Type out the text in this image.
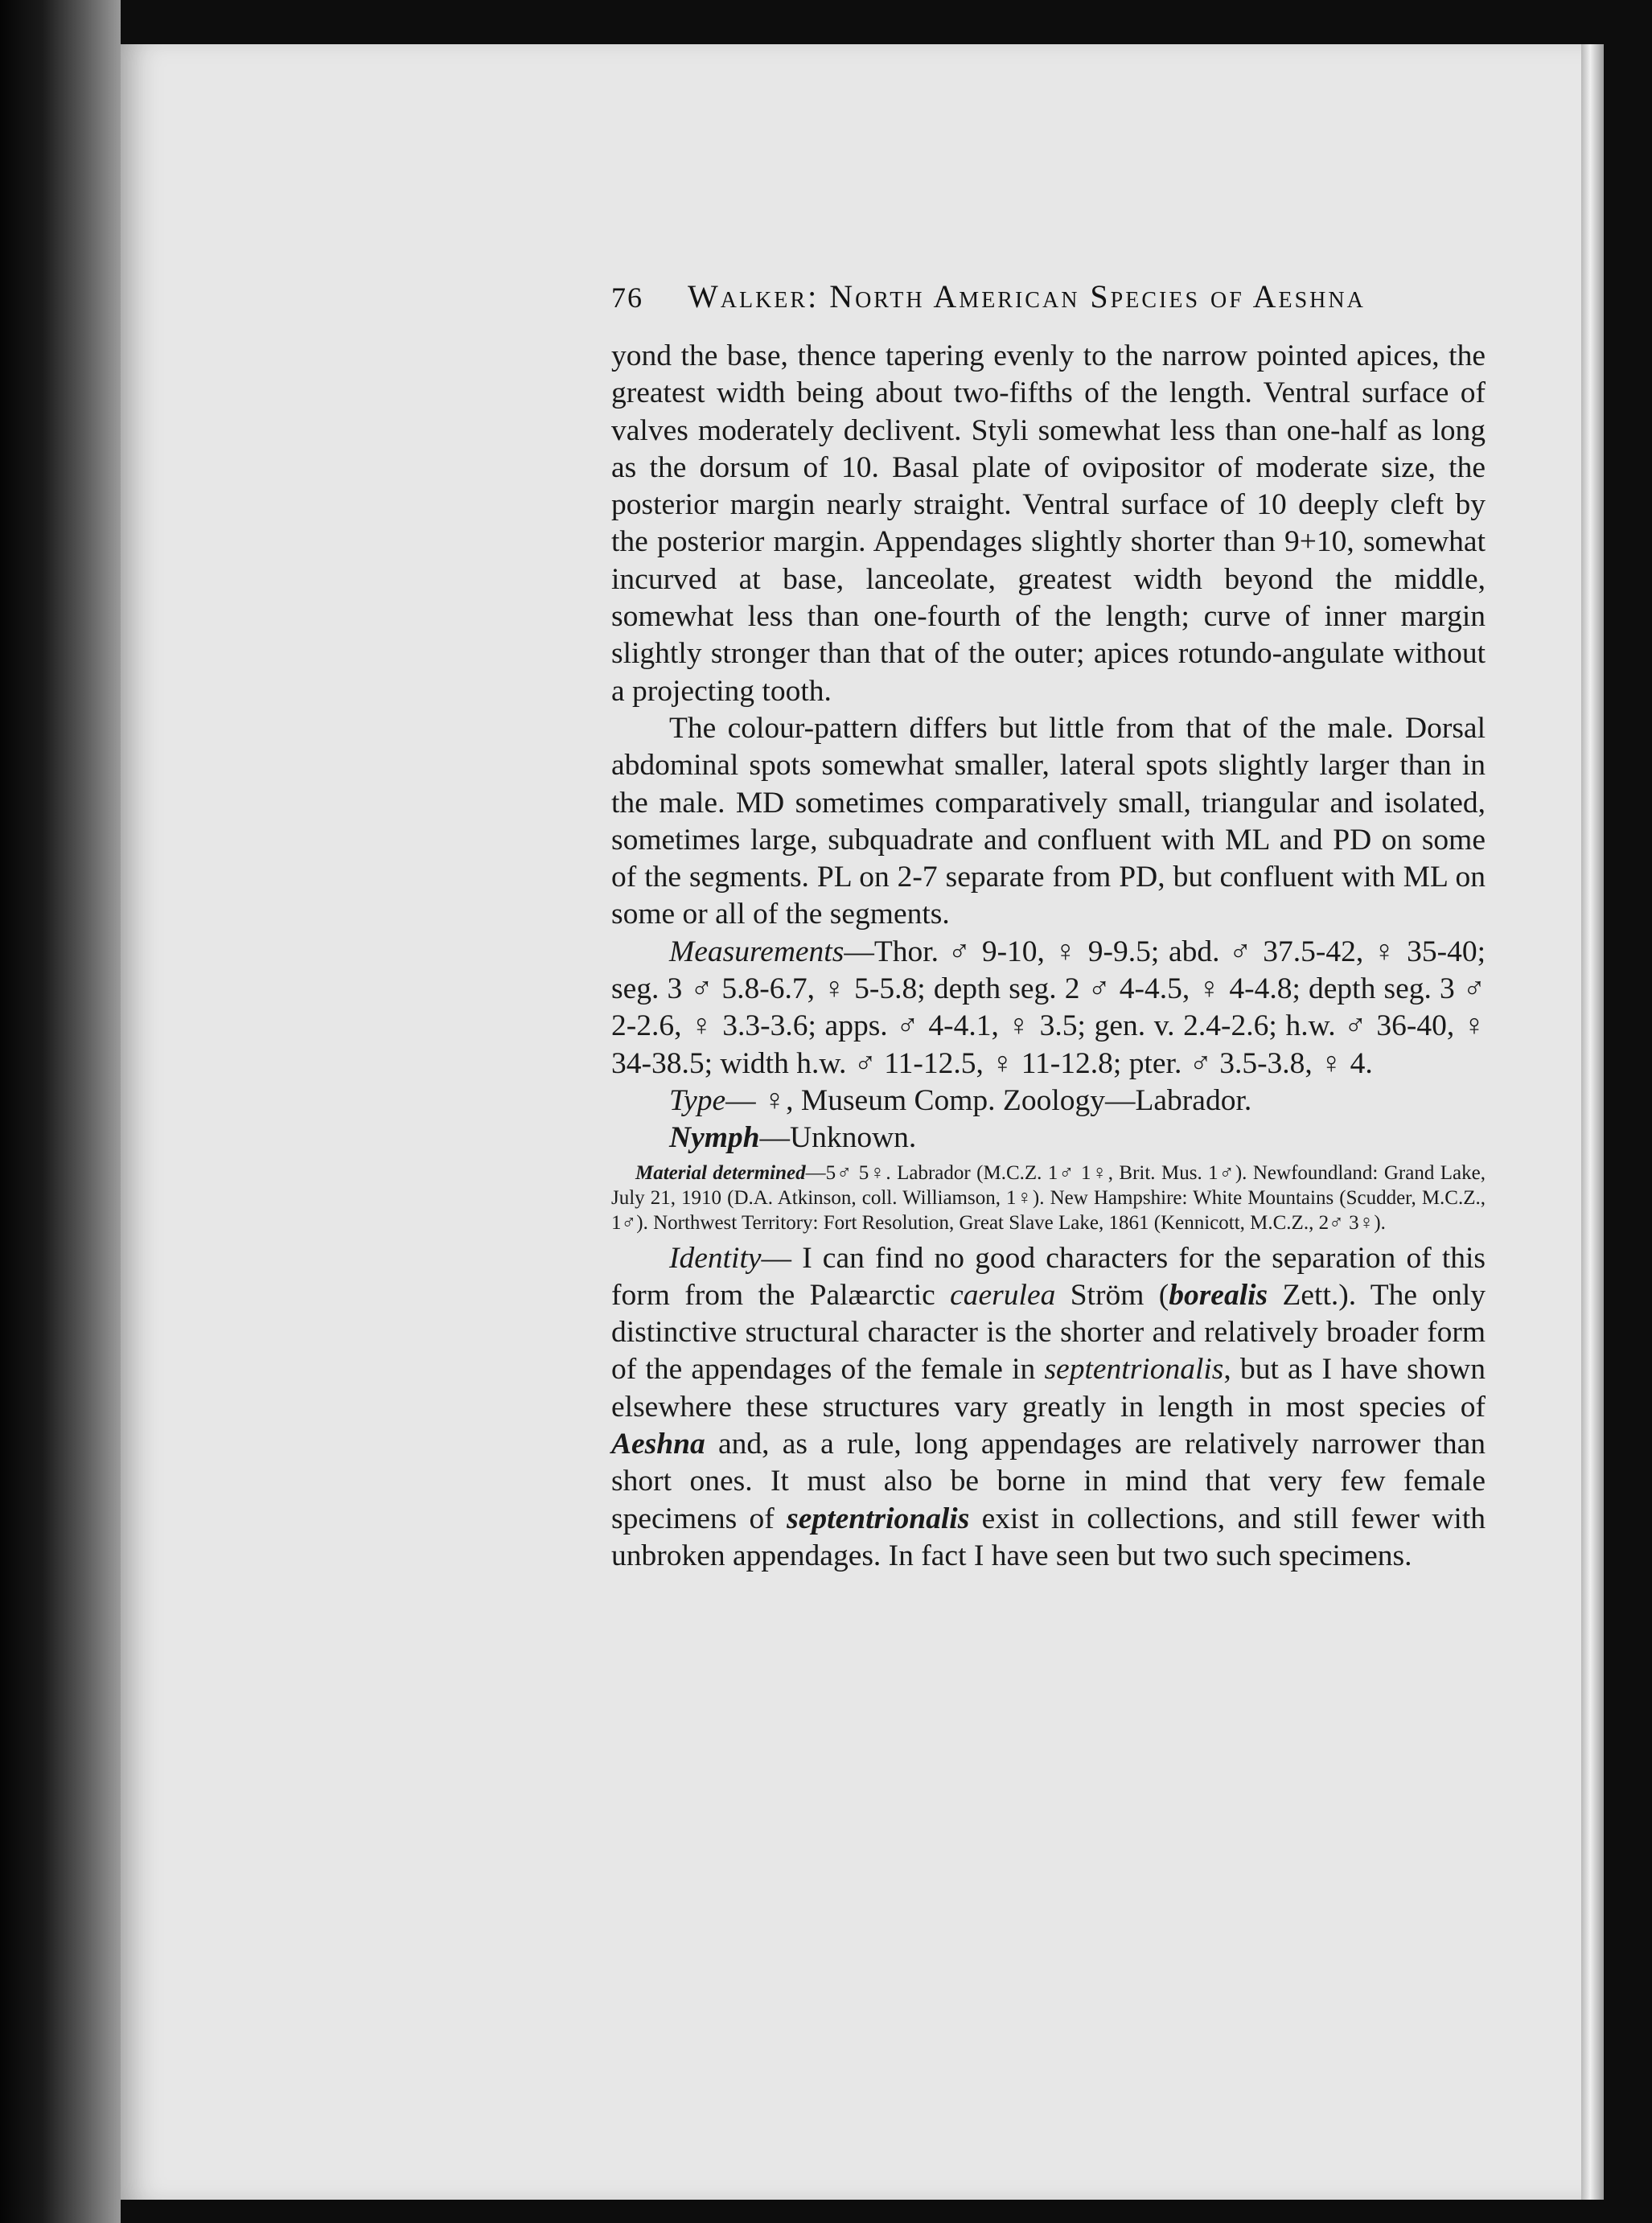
76	Walker: North American Species of Aeshna

yond the base, thence tapering evenly to the narrow pointed apices, the greatest width being about two-fifths of the length. Ventral surface of valves moderately declivent. Styli somewhat less than one-half as long as the dorsum of 10. Basal plate of ovipositor of moderate size, the posterior margin nearly straight. Ventral surface of 10 deeply cleft by the posterior margin. Appendages slightly shorter than 9+10, somewhat incurved at base, lanceolate, greatest width beyond the middle, somewhat less than one-fourth of the length; curve of inner margin slightly stronger than that of the outer; apices rotundo-angulate without a projecting tooth.

The colour-pattern differs but little from that of the male. Dorsal abdominal spots somewhat smaller, lateral spots slightly larger than in the male. MD sometimes comparatively small, triangular and isolated, sometimes large, subquadrate and confluent with ML and PD on some of the segments. PL on 2-7 separate from PD, but confluent with ML on some or all of the segments.

Measurements—Thor. ♂ 9-10, ♀ 9-9.5; abd. ♂ 37.5-42, ♀ 35-40; seg. 3 ♂ 5.8-6.7, ♀ 5-5.8; depth seg. 2 ♂ 4-4.5, ♀ 4-4.8; depth seg. 3 ♂ 2-2.6, ♀ 3.3-3.6; apps. ♂ 4-4.1, ♀ 3.5; gen. v. 2.4-2.6; h.w. ♂ 36-40, ♀ 34-38.5; width h.w. ♂ 11-12.5, ♀ 11-12.8; pter. ♂ 3.5-3.8, ♀ 4.

Type— ♀, Museum Comp. Zoology—Labrador.

Nymph—Unknown.

Material determined—5♂ 5♀. Labrador (M.C.Z. 1♂ 1♀, Brit. Mus. 1♂). Newfoundland: Grand Lake, July 21, 1910 (D.A. Atkinson, coll. Williamson, 1♀). New Hampshire: White Mountains (Scudder, M.C.Z., 1♂). Northwest Territory: Fort Resolution, Great Slave Lake, 1861 (Kennicott, M.C.Z., 2♂ 3♀).

Identity— I can find no good characters for the separation of this form from the Palæarctic caerulea Ström (borealis Zett.). The only distinctive structural character is the shorter and relatively broader form of the appendages of the female in septentrionalis, but as I have shown elsewhere these structures vary greatly in length in most species of Aeshna and, as a rule, long appendages are relatively narrower than short ones. It must also be borne in mind that very few female specimens of septentrionalis exist in collections, and still fewer with unbroken appendages. In fact I have seen but two such specimens.
